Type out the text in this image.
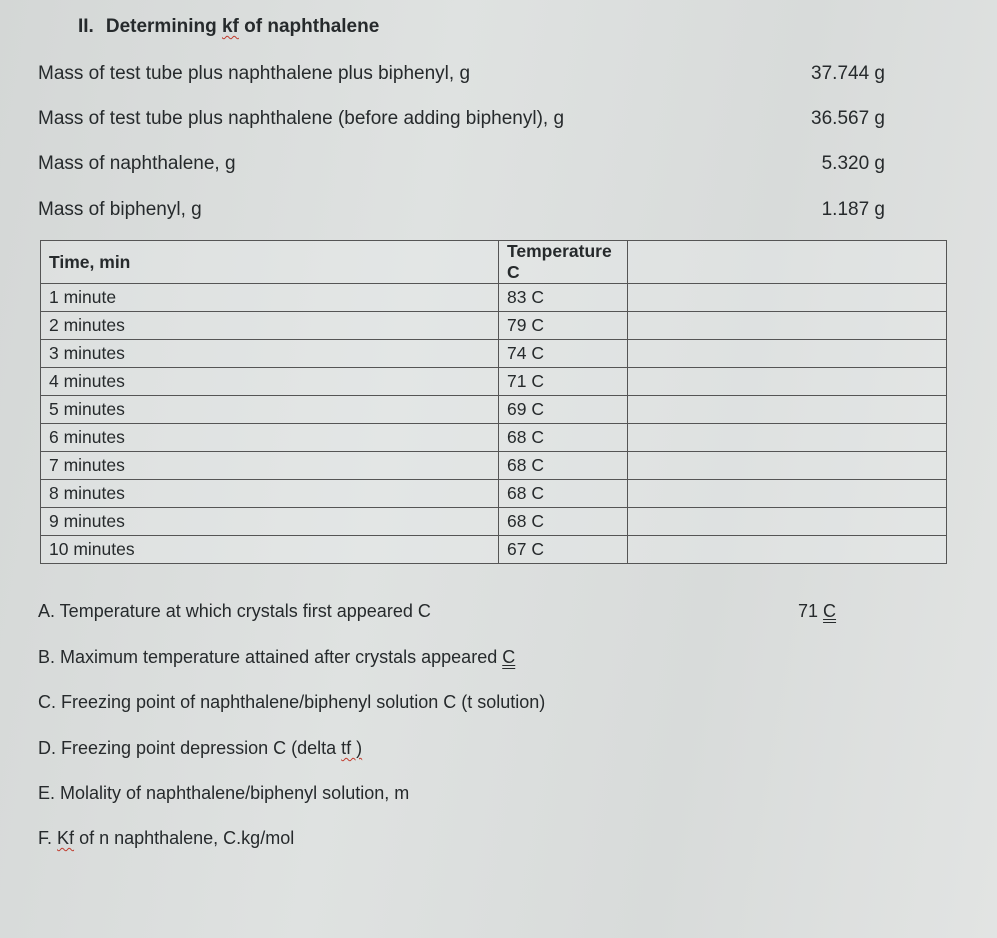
II. Determining kf of naphthalene
Mass of test tube plus naphthalene plus biphenyl, g	37.744 g
Mass of test tube plus naphthalene (before adding biphenyl), g	36.567 g
Mass of naphthalene, g	5.320 g
Mass of biphenyl, g	1.187 g
Time, min	Temperature C	
1 minute	83 C	
2 minutes	79 C	
3 minutes	74 C	
4 minutes	71 C	
5 minutes	69 C	
6 minutes	68 C	
7 minutes	68 C	
8 minutes	68 C	
9 minutes	68 C	
10 minutes	67 C	
A. Temperature at which crystals first appeared C	71 C
B. Maximum temperature attained after crystals appeared C
C. Freezing point of naphthalene/biphenyl solution C (t solution)
D. Freezing point depression C (delta tf )
E. Molality of naphthalene/biphenyl solution, m
F. Kf of n naphthalene, C.kg/mol
